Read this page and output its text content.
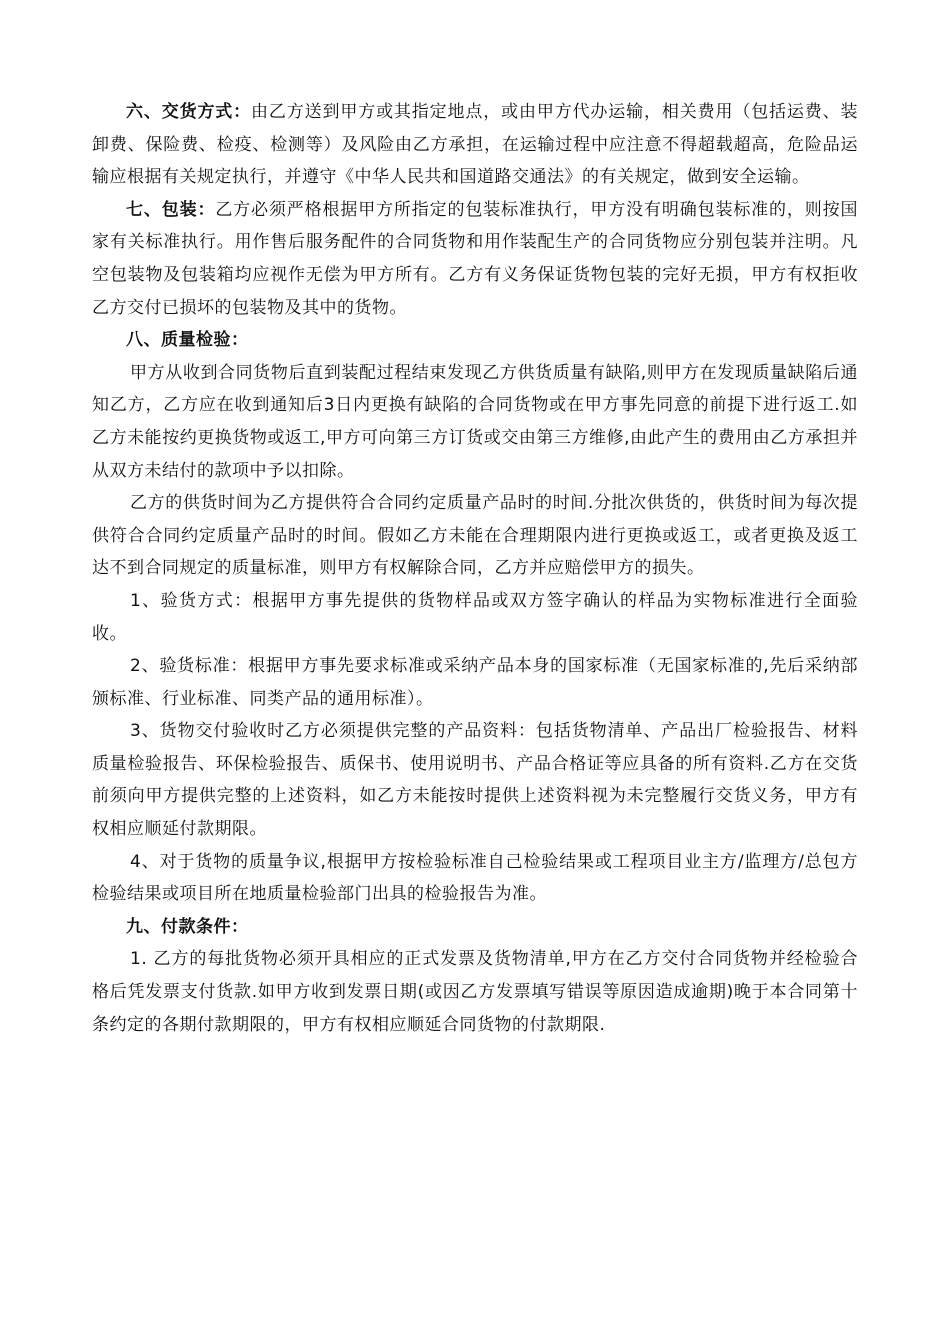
六、交货方式：由乙方送到甲方或其指定地点，或由甲方代办运输，相关费用（包括运费、装卸费、保险费、检疫、检测等）及风险由乙方承担，在运输过程中应注意不得超载超高，危险品运输应根据有关规定执行，并遵守《中华人民共和国道路交通法》的有关规定，做到安全运输。

七、包装：乙方必须严格根据甲方所指定的包装标准执行，甲方没有明确包装标准的，则按国家有关标准执行。用作售后服务配件的合同货物和用作装配生产的合同货物应分别包装并注明。凡空包装物及包装箱均应视作无偿为甲方所有。乙方有义务保证货物包装的完好无损，甲方有权拒收乙方交付已损坏的包装物及其中的货物。

八、质量检验：

甲方从收到合同货物后直到装配过程结束发现乙方供货质量有缺陷,则甲方在发现质量缺陷后通知乙方，乙方应在收到通知后3日内更换有缺陷的合同货物或在甲方事先同意的前提下进行返工.如乙方未能按约更换货物或返工,甲方可向第三方订货或交由第三方维修,由此产生的费用由乙方承担并从双方未结付的款项中予以扣除。

乙方的供货时间为乙方提供符合合同约定质量产品时的时间.分批次供货的，供货时间为每次提供符合合同约定质量产品时的时间。假如乙方未能在合理期限内进行更换或返工，或者更换及返工达不到合同规定的质量标准，则甲方有权解除合同，乙方并应赔偿甲方的损失。

1、验货方式：根据甲方事先提供的货物样品或双方签字确认的样品为实物标准进行全面验收。

2、验货标准：根据甲方事先要求标准或采纳产品本身的国家标准（无国家标准的,先后采纳部颁标准、行业标准、同类产品的通用标准）。

3、货物交付验收时乙方必须提供完整的产品资料：包括货物清单、产品出厂检验报告、材料质量检验报告、环保检验报告、质保书、使用说明书、产品合格证等应具备的所有资料.乙方在交货前须向甲方提供完整的上述资料，如乙方未能按时提供上述资料视为未完整履行交货义务，甲方有权相应顺延付款期限。

4、对于货物的质量争议,根据甲方按检验标准自己检验结果或工程项目业主方/监理方/总包方检验结果或项目所在地质量检验部门出具的检验报告为准。

九、付款条件：

1. 乙方的每批货物必须开具相应的正式发票及货物清单,甲方在乙方交付合同货物并经检验合格后凭发票支付货款.如甲方收到发票日期(或因乙方发票填写错误等原因造成逾期)晚于本合同第十条约定的各期付款期限的，甲方有权相应顺延合同货物的付款期限.
